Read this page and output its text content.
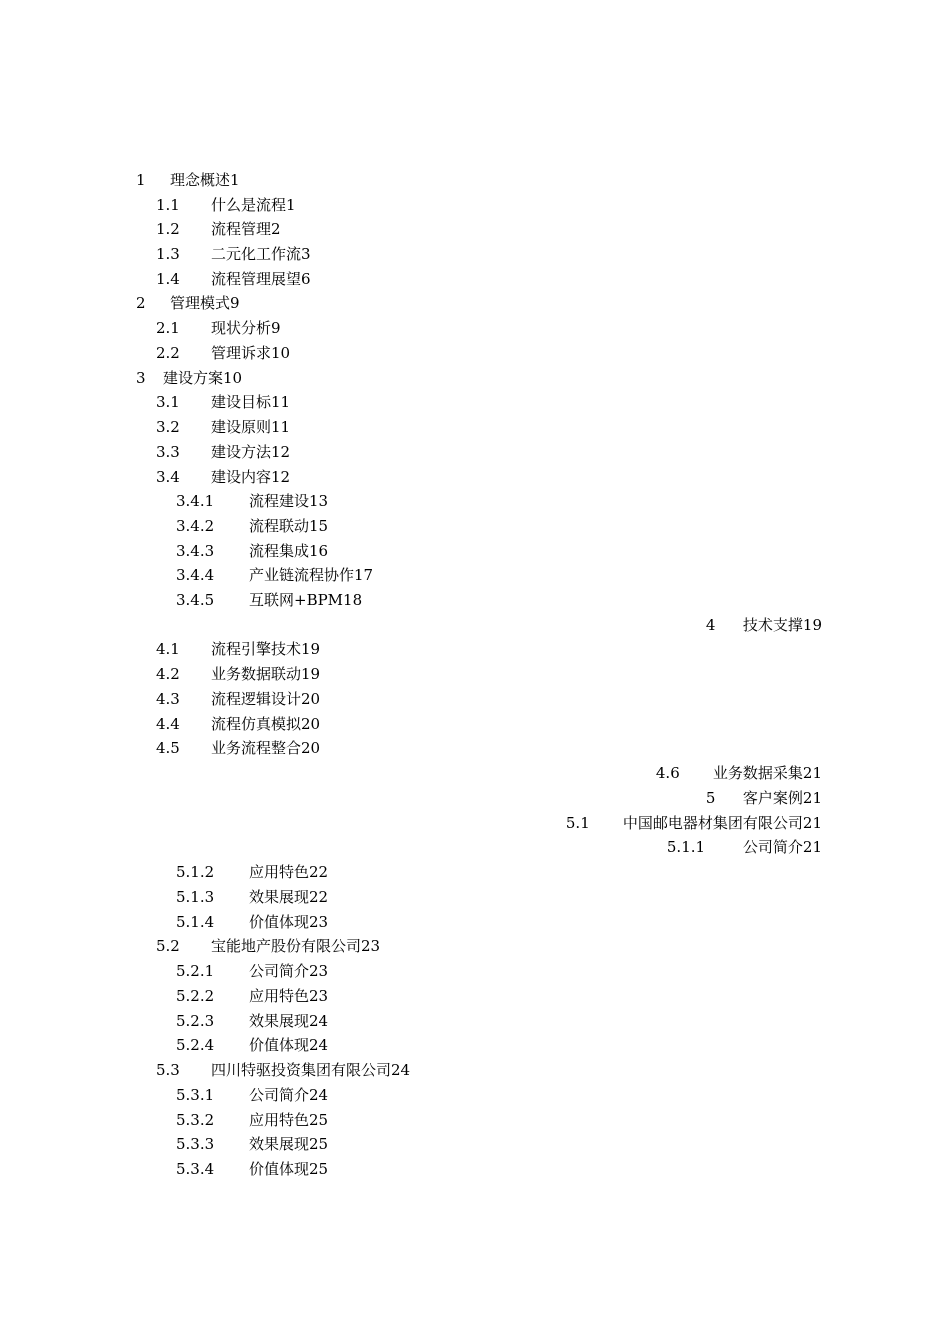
1 理念概述1
1.1 什么是流程1
1.2 流程管理2
1.3 二元化工作流3
1.4 流程管理展望6
2 管理模式9
2.1 现状分析9
2.2 管理诉求10
3 建设方案10
3.1 建设目标11
3.2 建设原则11
3.3 建设方法12
3.4 建设内容12
3.4.1 流程建设13
3.4.2 流程联动15
3.4.3 流程集成16
3.4.4 产业链流程协作17
3.4.5 互联网+BPM18
4 技术支撑19
4.1 流程引擎技术19
4.2 业务数据联动19
4.3 流程逻辑设计20
4.4 流程仿真模拟20
4.5 业务流程整合20
4.6 业务数据采集21
5 客户案例21
5.1 中国邮电器材集团有限公司21
5.1.1	公司简介21
5.1.2 应用特色22
5.1.3 效果展现22
5.1.4 价值体现23
5.2 宝能地产股份有限公司23
5.2.1 公司简介23
5.2.2 应用特色23
5.2.3 效果展现24
5.2.4 价值体现24
5.3 四川特驱投资集团有限公司24
5.3.1 公司简介24
5.3.2 应用特色25
5.3.3 效果展现25
5.3.4 价值体现25
